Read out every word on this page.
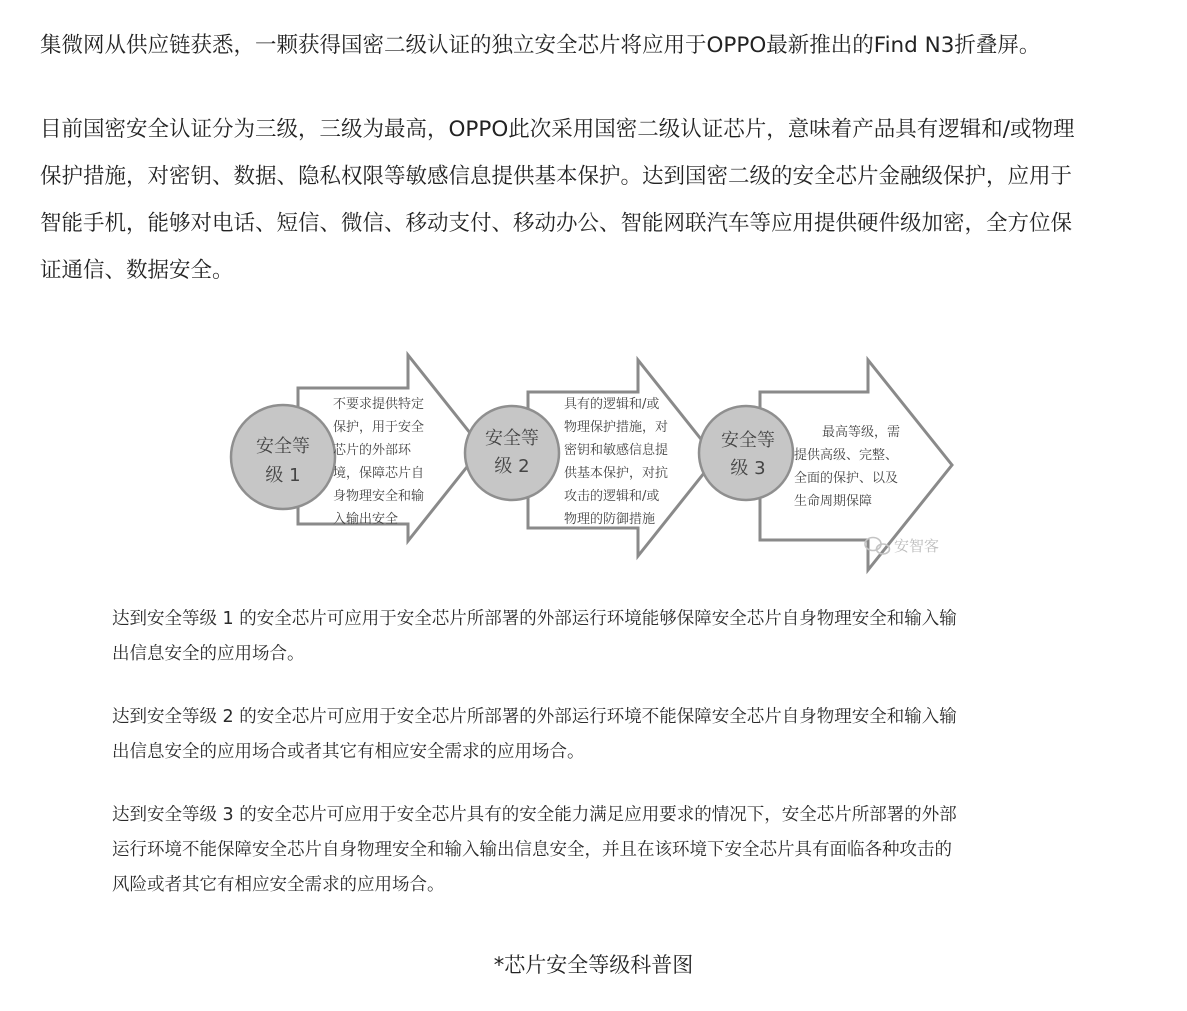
集微网从供应链获悉，一颗获得国密二级认证的独立安全芯片将应用于OPPO最新推出的Find N3折叠屏。

目前国密安全认证分为三级，三级为最高，OPPO此次采用国密二级认证芯片，意味着产品具有逻辑和/或物理
保护措施，对密钥、数据、隐私权限等敏感信息提供基本保护。达到国密二级的安全芯片金融级保护，应用于
智能手机，能够对电话、短信、微信、移动支付、移动办公、智能网联汽车等应用提供硬件级加密，全方位保
证通信、数据安全。

安全等
级 1
安全等
级 2
安全等
级 3
不要求提供特定
保护，用于安全
芯片的外部环
境，保障芯片自
身物理安全和输
入输出安全
具有的逻辑和/或
物理保护措施，对
密钥和敏感信息提
供基本保护，对抗
攻击的逻辑和/或
物理的防御措施
最高等级，需
提供高级、完整、
全面的保护、以及
生命周期保障
安智客

达到安全等级 1 的安全芯片可应用于安全芯片所部署的外部运行环境能够保障安全芯片自身物理安全和输入输
出信息安全的应用场合。

达到安全等级 2 的安全芯片可应用于安全芯片所部署的外部运行环境不能保障安全芯片自身物理安全和输入输
出信息安全的应用场合或者其它有相应安全需求的应用场合。

达到安全等级 3 的安全芯片可应用于安全芯片具有的安全能力满足应用要求的情况下，安全芯片所部署的外部
运行环境不能保障安全芯片自身物理安全和输入输出信息安全，并且在该环境下安全芯片具有面临各种攻击的
风险或者其它有相应安全需求的应用场合。

*芯片安全等级科普图
